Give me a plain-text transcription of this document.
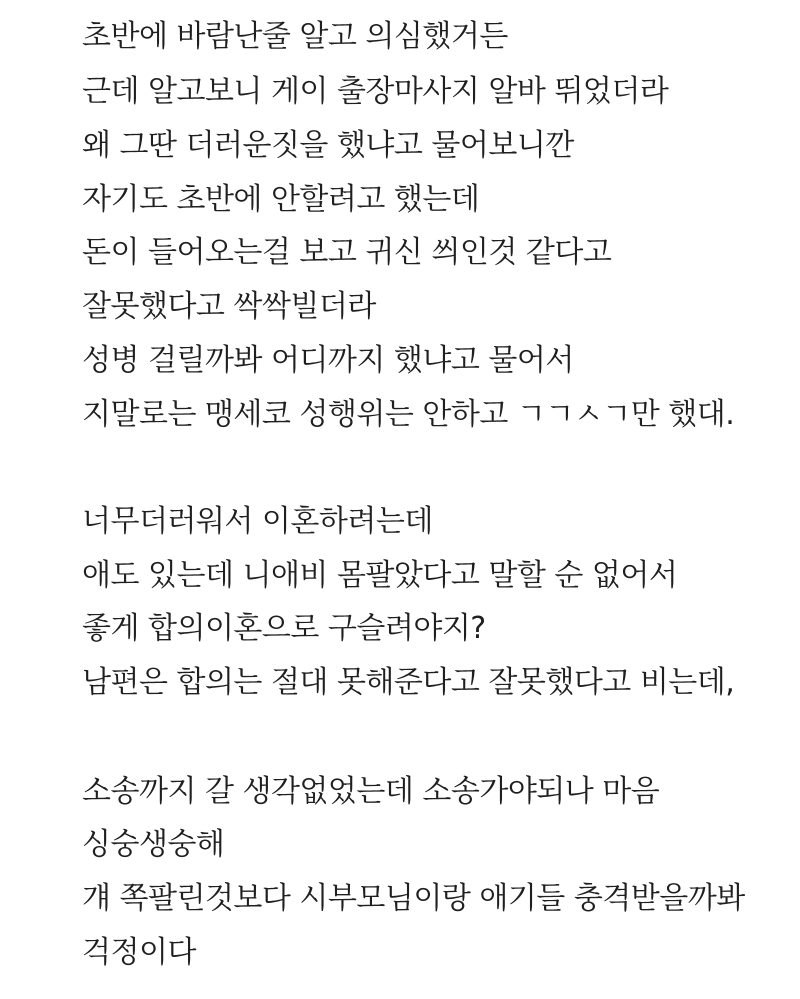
초반에 바람난줄 알고 의심했거든
근데 알고보니 게이 출장마사지 알바 뛰었더라
왜 그딴 더러운짓을 했냐고 물어보니깐
자기도 초반에 안할려고 했는데
돈이 들어오는걸 보고 귀신 씌인것 같다고
잘못했다고 싹싹빌더라
성병 걸릴까봐 어디까지 했냐고 물어서
지말로는 맹세코 성행위는 안하고 ㄱㄱㅅㄱ만 했대.
너무더러워서 이혼하려는데
애도 있는데 니애비 몸팔았다고 말할 순 없어서
좋게 합의이혼으로 구슬려야지?
남편은 합의는 절대 못해준다고 잘못했다고 비는데,
소송까지 갈 생각없었는데 소송가야되나 마음
싱숭생숭해
걔 쪽팔린것보다 시부모님이랑 애기들 충격받을까봐
걱정이다
